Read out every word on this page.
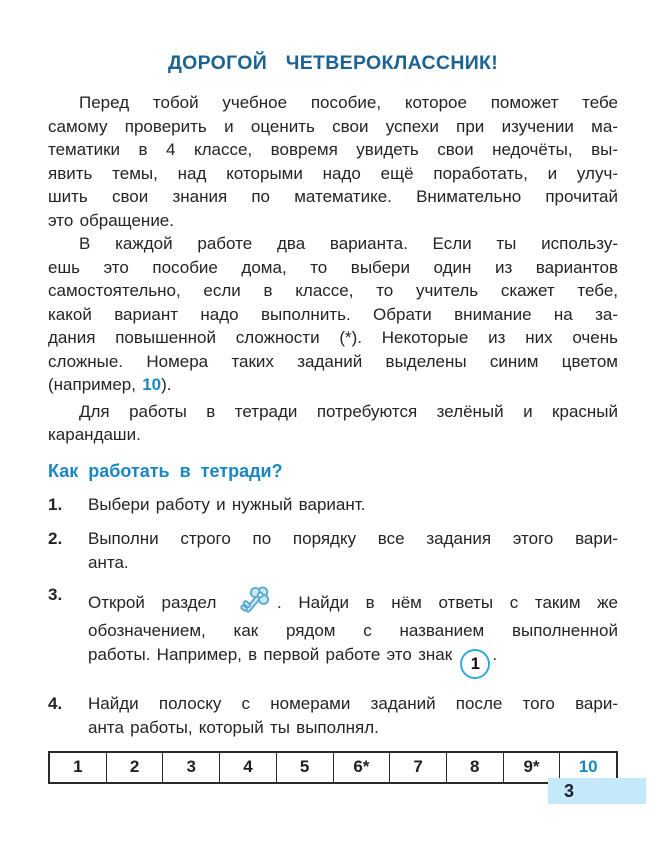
ДОРОГОЙ ЧЕТВЕРОКЛАССНИК!
Перед тобой учебное пособие, которое поможет тебе
самому проверить и оценить свои успехи при изучении ма-
тематики в 4 классе, вовремя увидеть свои недочёты, вы-
явить темы, над которыми надо ещё поработать, и улуч-
шить свои знания по математике. Внимательно прочитай
это обращение.
В каждой работе два варианта. Если ты использу-
ешь это пособие дома, то выбери один из вариантов
самостоятельно, если в классе, то учитель скажет тебе,
какой вариант надо выполнить. Обрати внимание на за-
дания повышенной сложности (*). Некоторые из них очень
сложные. Номера таких заданий выделены синим цветом
(например, 10).
Для работы в тетради потребуются зелёный и красный
карандаши.
Как работать в тетради?
1.	Выбери работу и нужный вариант.
2.	Выполни строго по порядку все задания этого вари-
анта.
3.	Открой раздел	. Найди в нём ответы с таким же
обозначением, как рядом с названием выполненной
работы. Например, в первой работе это знак 1 .
4.	Найди полоску с номерами заданий после того вари-
анта работы, который ты выполнял.
1	2	3	4	5	6*	7	8	9*	10
3
